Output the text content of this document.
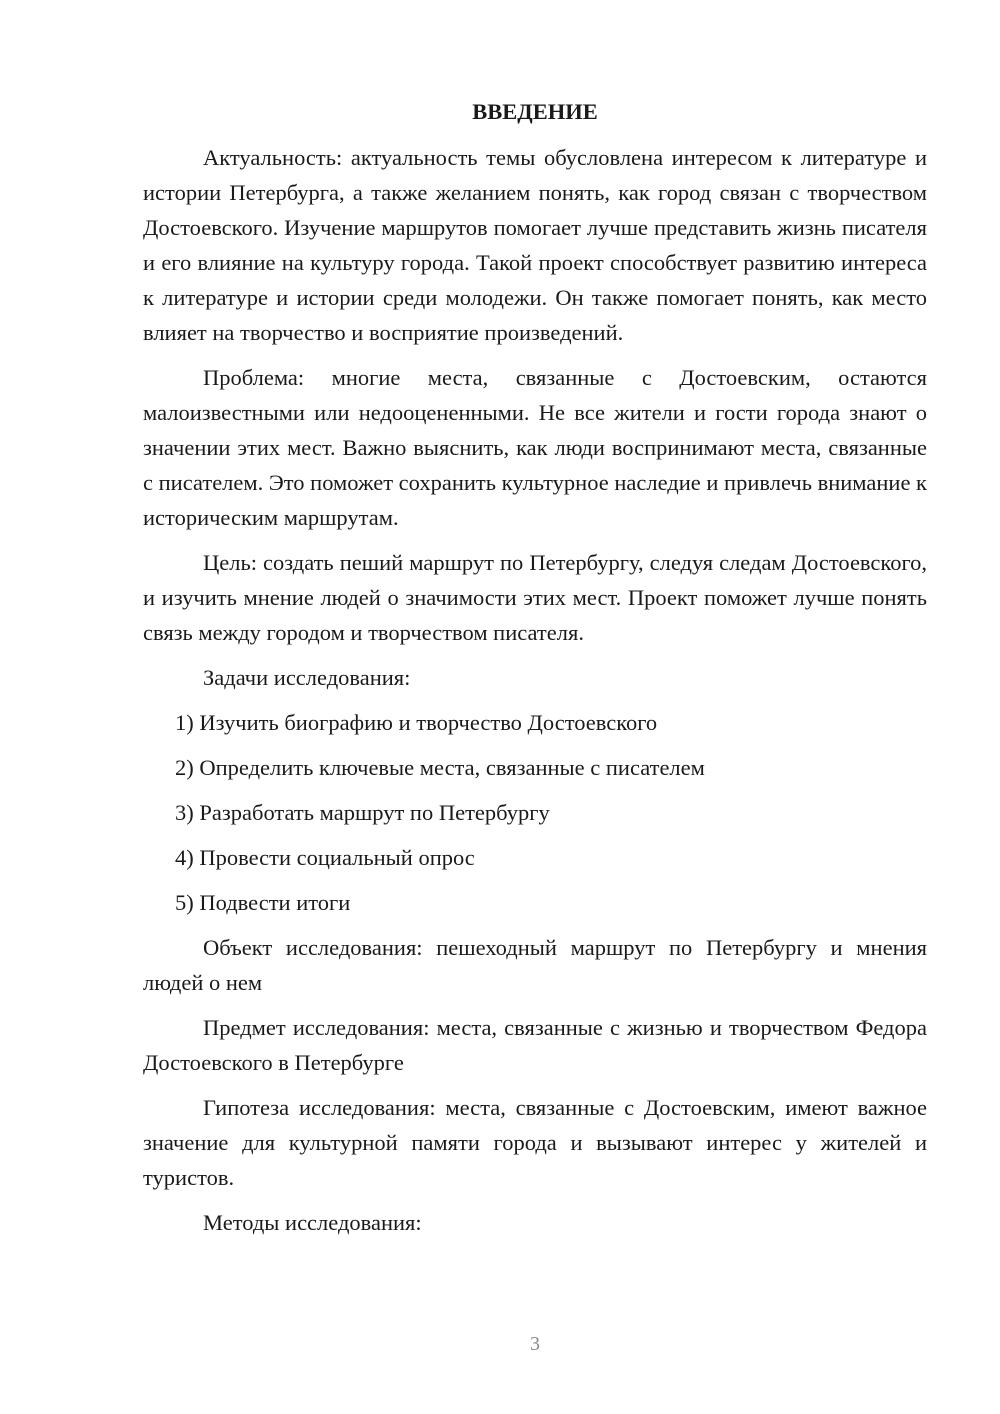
ВВЕДЕНИЕ

Актуальность: актуальность темы обусловлена интересом к литературе и истории Петербурга, а также желанием понять, как город связан с творчеством Достоевского. Изучение маршрутов помогает лучше представить жизнь писателя и его влияние на культуру города. Такой проект способствует развитию интереса к литературе и истории среди молодежи. Он также помогает понять, как место влияет на творчество и восприятие произведений.

Проблема: многие места, связанные с Достоевским, остаются малоизвестными или недооцененными. Не все жители и гости города знают о значении этих мест. Важно выяснить, как люди воспринимают места, связанные с писателем. Это поможет сохранить культурное наследие и привлечь внимание к историческим маршрутам.

Цель: создать пеший маршрут по Петербургу, следуя следам Достоевского, и изучить мнение людей о значимости этих мест. Проект поможет лучше понять связь между городом и творчеством писателя.

Задачи исследования:

1) Изучить биографию и творчество Достоевского
2) Определить ключевые места, связанные с писателем
3) Разработать маршрут по Петербургу
4) Провести социальный опрос
5) Подвести итоги

Объект исследования: пешеходный маршрут по Петербургу и мнения людей о нем

Предмет исследования: места, связанные с жизнью и творчеством Федора Достоевского в Петербурге

Гипотеза исследования: места, связанные с Достоевским, имеют важное значение для культурной памяти города и вызывают интерес у жителей и туристов.

Методы исследования:

3
